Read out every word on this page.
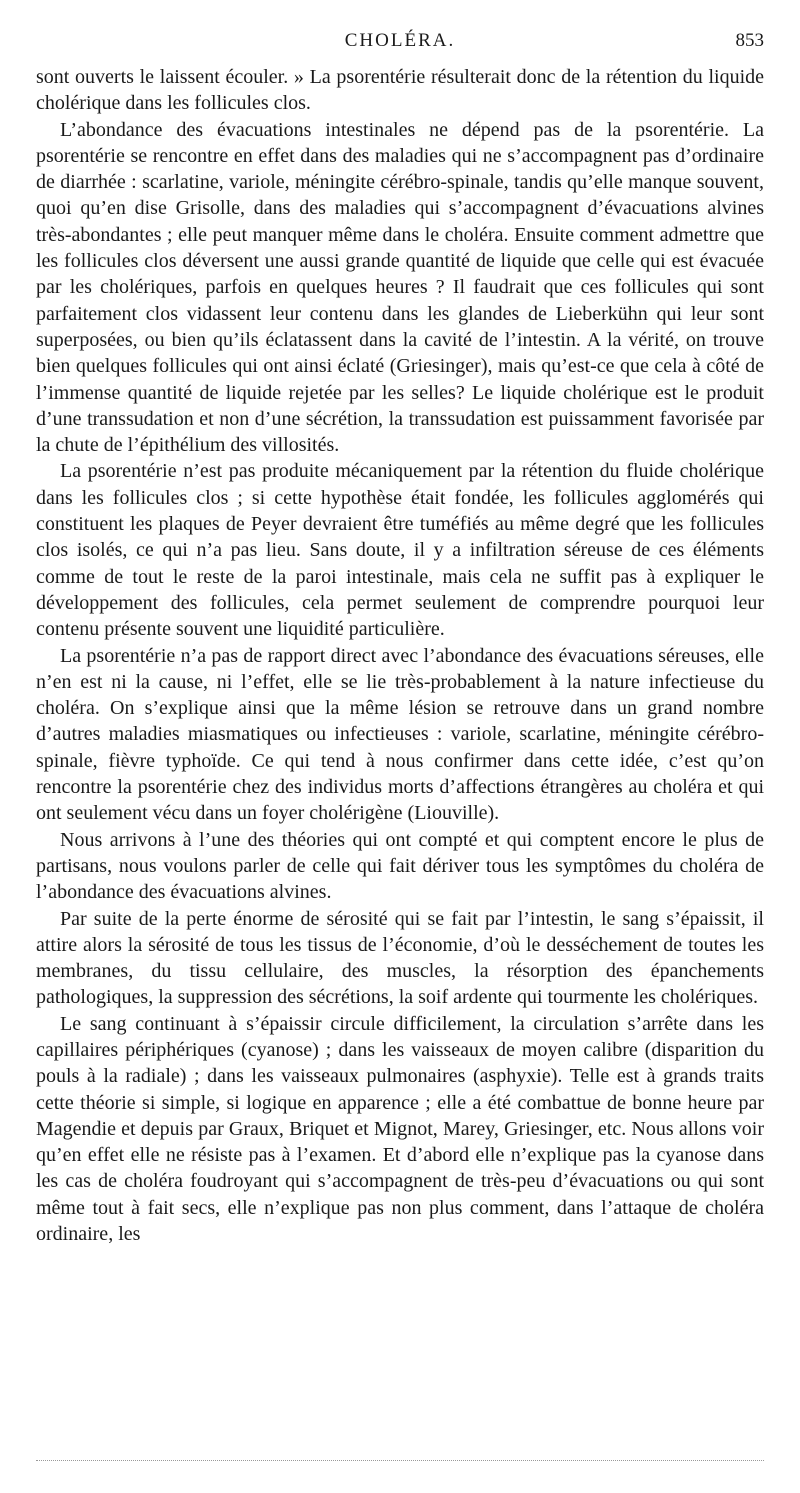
CHOLÉRA.	853

sont ouverts le laissent écouler. » La psorentérie résulterait donc de la rétention du liquide cholérique dans les follicules clos.

L’abondance des évacuations intestinales ne dépend pas de la psorentérie. La psorentérie se rencontre en effet dans des maladies qui ne s’accompagnent pas d’ordinaire de diarrhée : scarlatine, variole, méningite cérébro-spinale, tandis qu’elle manque souvent, quoi qu’en dise Grisolle, dans des maladies qui s’accompagnent d’évacuations alvines très-abondantes ; elle peut manquer même dans le choléra. Ensuite comment admettre que les follicules clos déversent une aussi grande quantité de liquide que celle qui est évacuée par les cholériques, parfois en quelques heures ? Il faudrait que ces follicules qui sont parfaitement clos vidassent leur contenu dans les glandes de Lieberkühn qui leur sont superposées, ou bien qu’ils éclatassent dans la cavité de l’intestin. A la vérité, on trouve bien quelques follicules qui ont ainsi éclaté (Griesinger), mais qu’est-ce que cela à côté de l’immense quantité de liquide rejetée par les selles? Le liquide cholérique est le produit d’une transsudation et non d’une sécrétion, la transsudation est puissamment favorisée par la chute de l’épithélium des villosités.

La psorentérie n’est pas produite mécaniquement par la rétention du fluide cholérique dans les follicules clos ; si cette hypothèse était fondée, les follicules agglomérés qui constituent les plaques de Peyer devraient être tuméfiés au même degré que les follicules clos isolés, ce qui n’a pas lieu. Sans doute, il y a infiltration séreuse de ces éléments comme de tout le reste de la paroi intestinale, mais cela ne suffit pas à expliquer le développement des follicules, cela permet seulement de comprendre pourquoi leur contenu présente souvent une liquidité particulière.

La psorentérie n’a pas de rapport direct avec l’abondance des évacuations séreuses, elle n’en est ni la cause, ni l’effet, elle se lie très-probablement à la nature infectieuse du choléra. On s’explique ainsi que la même lésion se retrouve dans un grand nombre d’autres maladies miasmatiques ou infectieuses : variole, scarlatine, méningite cérébro-spinale, fièvre typhoïde. Ce qui tend à nous confirmer dans cette idée, c’est qu’on rencontre la psorentérie chez des individus morts d’affections étrangères au choléra et qui ont seulement vécu dans un foyer cholérigène (Liouville).

Nous arrivons à l’une des théories qui ont compté et qui comptent encore le plus de partisans, nous voulons parler de celle qui fait dériver tous les symptômes du choléra de l’abondance des évacuations alvines.

Par suite de la perte énorme de sérosité qui se fait par l’intestin, le sang s’épaissit, il attire alors la sérosité de tous les tissus de l’économie, d’où le desséchement de toutes les membranes, du tissu cellulaire, des muscles, la résorption des épanchements pathologiques, la suppression des sécrétions, la soif ardente qui tourmente les cholériques.

Le sang continuant à s’épaissir circule difficilement, la circulation s’arrête dans les capillaires périphériques (cyanose) ; dans les vaisseaux de moyen calibre (disparition du pouls à la radiale) ; dans les vaisseaux pulmonaires (asphyxie). Telle est à grands traits cette théorie si simple, si logique en apparence ; elle a été combattue de bonne heure par Magendie et depuis par Graux, Briquet et Mignot, Marey, Griesinger, etc. Nous allons voir qu’en effet elle ne résiste pas à l’examen. Et d’abord elle n’explique pas la cyanose dans les cas de choléra foudroyant qui s’accompagnent de très-peu d’évacuations ou qui sont même tout à fait secs, elle n’explique pas non plus comment, dans l’attaque de choléra ordinaire, les
